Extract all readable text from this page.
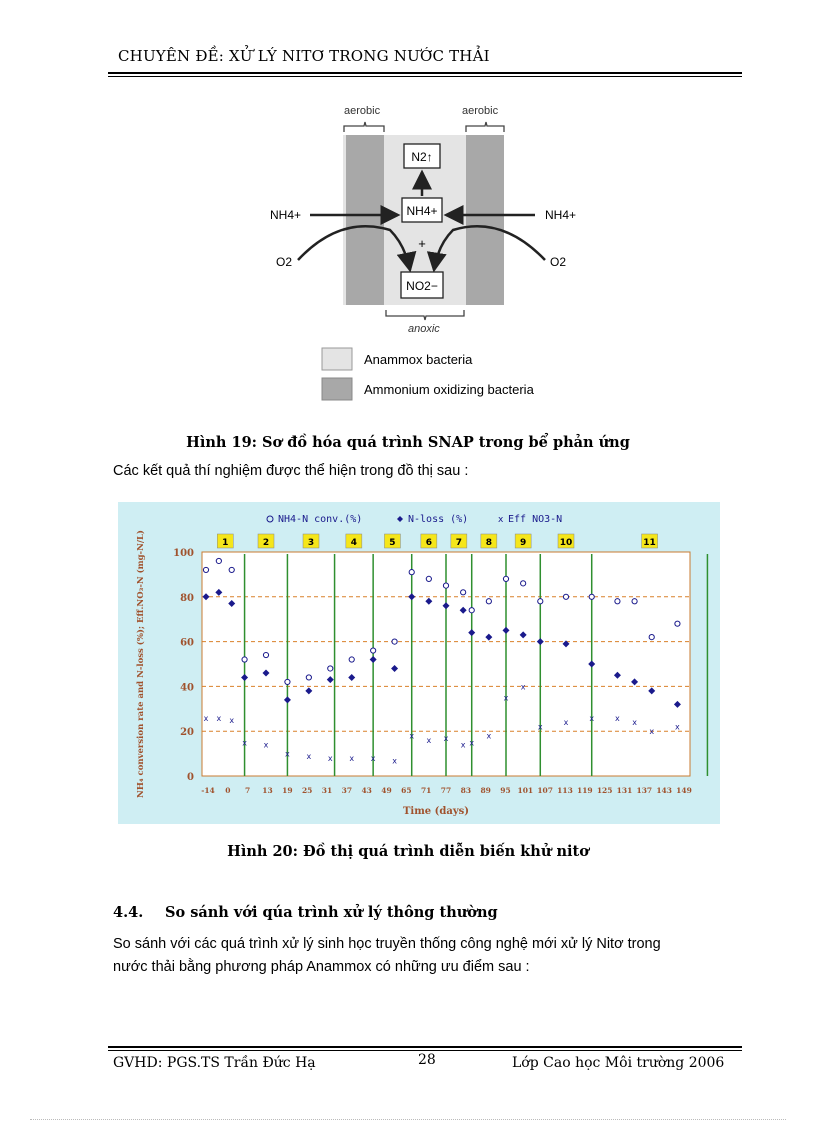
CHUYÊN ĐỀ: XỬ LÝ NITƠ TRONG NƯỚC THẢI
aerobic	aerobic
anoxic
N2↑
NH4+
+
NO2−
NH4+	NH4+
O2	O2
Anammox bacteria
Ammonium oxidizing bacteria
Hình 19: Sơ đồ hóa quá trình SNAP trong bể phản ứng
Các kết quả thí nghiệm được thể hiện trong đồ thị sau :
NH4-N conv.(%)	N-loss (%)	Eff NO3-N
x
1	2	3	4	5	6	7	8	9	10	11
0
20
40
60
80
100
-14 0 7 13 19 25 31 37 43 49 65 71 77 83 89 95 101 107 113 119 125 131 137 143 149
x x x
x x
x x x x x x
x x x
x x
x
x
x
x	x	x	x x
x	x
NH₄ conversion rate and N-loss (%); Eff.NO₃-N (mg-N/L)
Time (days)
Hình 20: Đồ thị quá trình diễn biến khử nitơ
4.4. So sánh với qúa trình xử lý thông thường
So sánh với các quá trình xử lý sinh học truyền thống công nghệ mới xử lý Nitơ trong
nước thải bằng phương pháp Anammox có những ưu điểm sau :
GVHD: PGS.TS Trần Đức Hạ	28	Lớp Cao học Môi trường 2006
